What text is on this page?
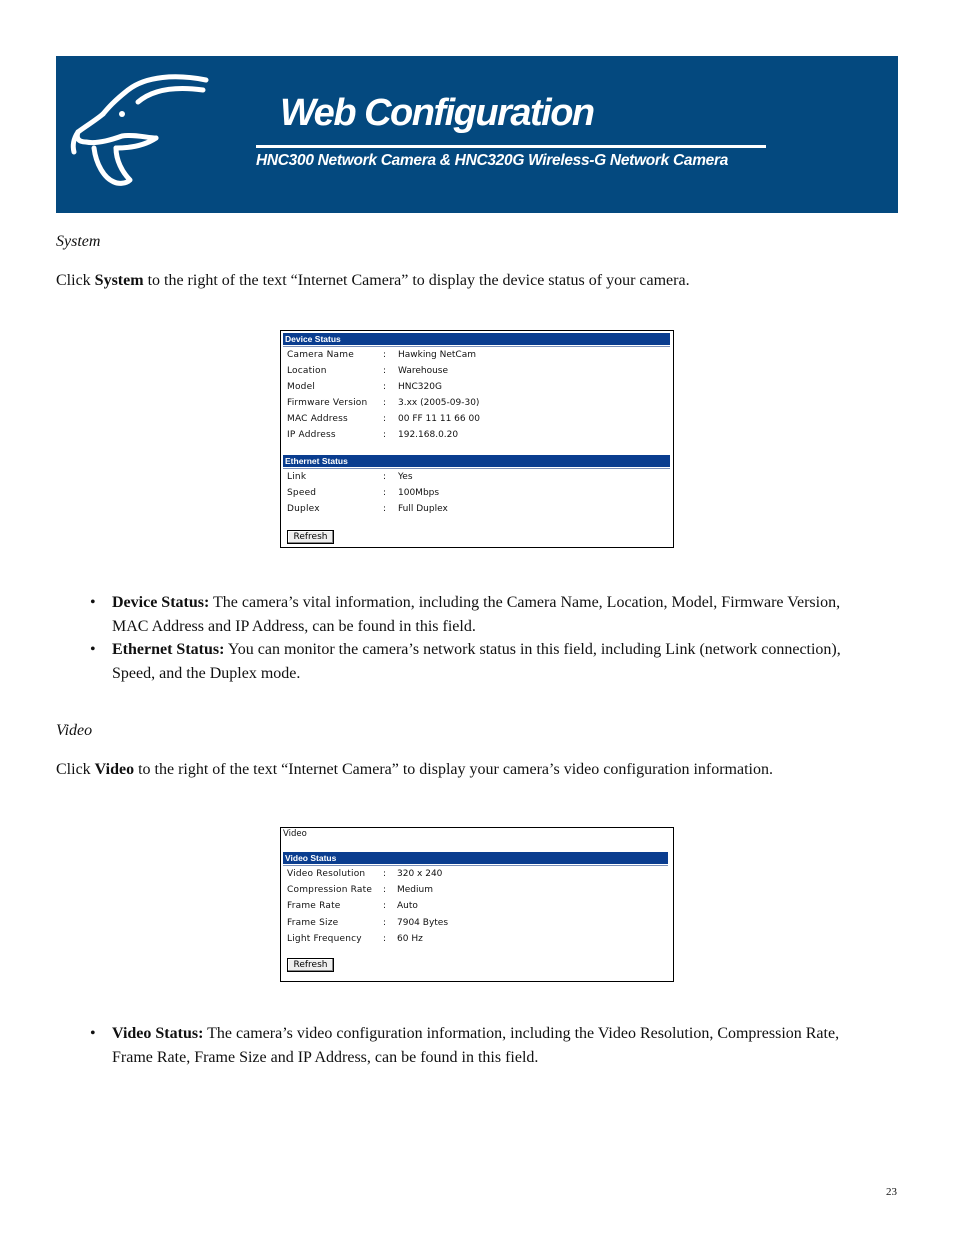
Web Configuration
HNC300 Network Camera & HNC320G Wireless-G Network Camera
System

Click System to the right of the text “Internet Camera” to display the device status of your camera.

Device Status
Camera Name	: Hawking NetCam
Location	: Warehouse
Model	: HNC320G
Firmware Version : 3.xx (2005-09-30)
MAC Address	: 00 FF 11 11 66 00
IP Address	: 192.168.0.20
Ethernet Status
Link	: Yes
Speed	: 100Mbps
Duplex	: Full Duplex
Refresh
• Device Status: The camera’s vital information, including the Camera Name, Location, Model, Firmware Version, MAC Address and IP Address, can be found in this field.
• Ethernet Status: You can monitor the camera’s network status in this field, including Link (network connection), Speed, and the Duplex mode.
Video

Click Video to the right of the text “Internet Camera” to display your camera’s video configuration information.

Video
Video Status
Video Resolution : 320 x 240
Compression Rate : Medium
Frame Rate	: Auto
Frame Size	: 7904 Bytes
Light Frequency : 60 Hz
Refresh
• Video Status: The camera’s video configuration information, including the Video Resolution, Compression Rate, Frame Rate, Frame Size and IP Address, can be found in this field.
23
